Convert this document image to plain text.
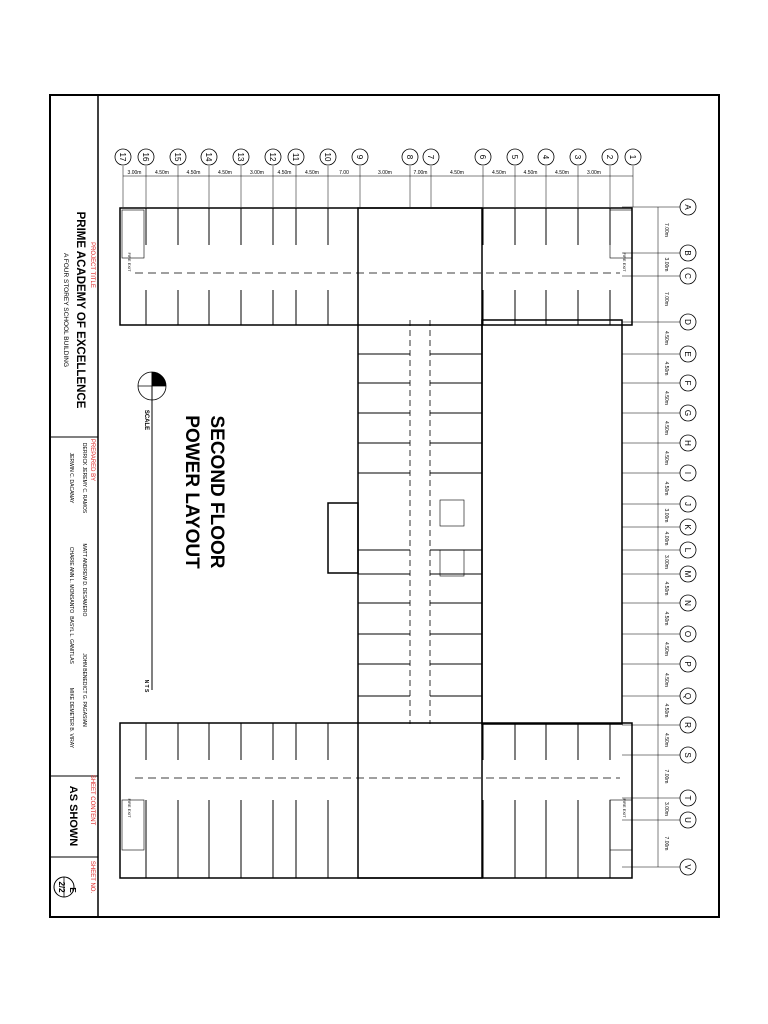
PROJECT TITLE
PRIME ACADEMY OF EXCELLENCE
A FOUR STOREY SCHOOL BUILDING
PREPARED BY
DERRICK JEREMY C. RAMOS
MATT ANDREW D. DESAMERO
JOHN BENEDICT G. PAGASIAN
JERWIN C. DACANAY
CHARIE ANN L. MONSANTO
BASYL L. GANITLAS
MIKE DEMETER B. VIRAY
SHEET CONTENT
AS SHOWN
SHEET NO.
E
2/2
SECOND FLOOR
POWER LAYOUT
SCALE
N T S
17 16	15	14	13	12 11	10	9	8 7	6	5	4	3	2 1
3.00m	4.50m	4.50m	4.50m	3.00m	4.50m	4.50m	7.00	3.00m	7.00m	4.50m	4.50m	4.50m	4.50m	3.00m
A
B
C
D
E
F
G
H
I
J
K
L
M
N
O
P
Q
R
S
T
U
V
7.00m
3.00m
7.00m
4.50m
4.50m
4.50m
4.50m
4.50m
4.50m
3.00m
4.00m
3.00m
4.50m
4.50m
4.50m
4.50m
4.50m
4.50m
7.00m
3.00m
7.00m
FIRE EXIT	FIRE EXIT
FIRE EXIT	FIRE EXIT
